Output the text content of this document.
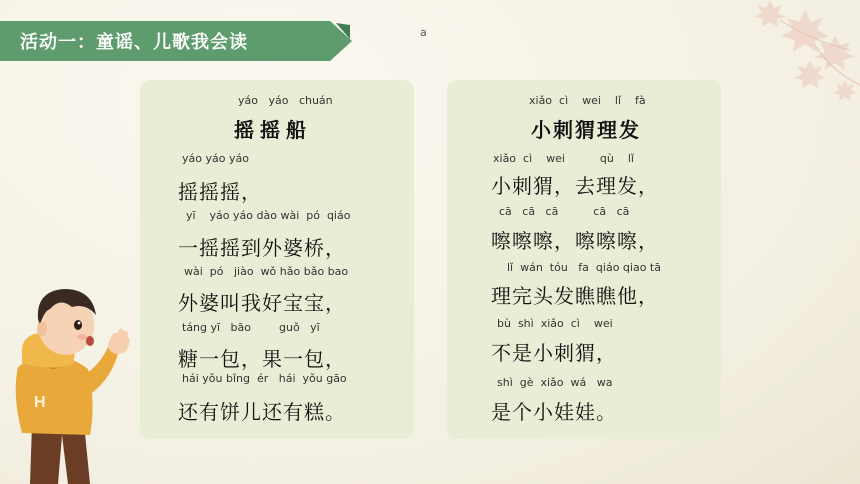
活动一：童谣、儿歌我会读	a
yáo   yáo   chuán
摇摇船
yáo yáo yáo
摇摇摇，
yī    yáo yáo dào wài  pó  qiáo
一摇摇到外婆桥，
wài  pó   jiào  wǒ hǎo bǎo bao
外婆叫我好宝宝，
táng yī   bāo        guǒ   yī
糖一包，果一包，
hái yǒu bǐng  ér   hái  yǒu gāo
还有饼儿还有糕。
xiǎo  cì    wei    lǐ    fà
小刺猬理发
xiǎo  cì    wei          qù    lǐ
小刺猬，去理发，
cā   cā   cā          cā   cā
嚓嚓嚓，嚓嚓嚓，
lǐ  wán  tóu   fa  qiáo qiao tā
理完头发瞧瞧他，
bù  shì  xiǎo  cì    wei
不是小刺猬，
shì  gè  xiǎo  wá   wa
是个小娃娃。
H
